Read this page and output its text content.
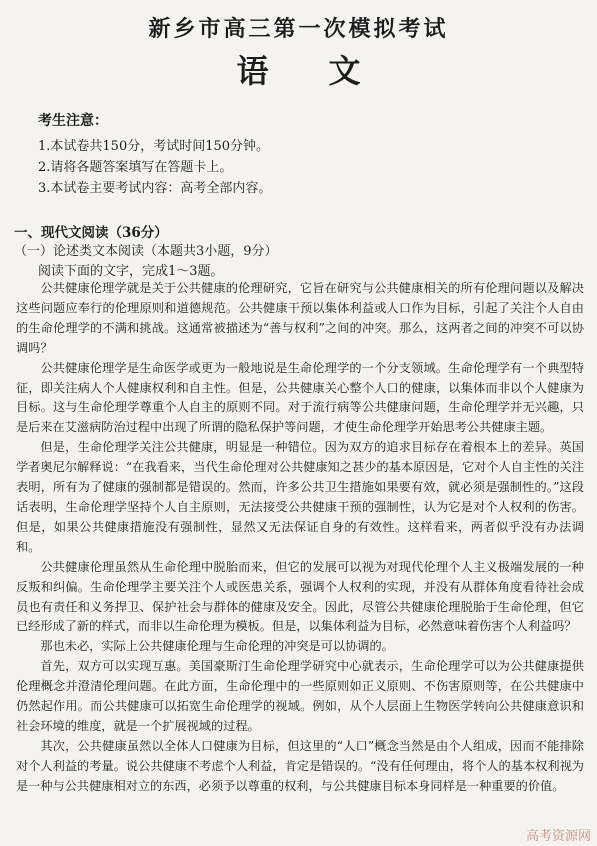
新乡市高三第一次模拟考试
语文
考生注意：
1.本试卷共150分，考试时间150分钟。
2.请将各题答案填写在答题卡上。
3.本试卷主要考试内容：高考全部内容。
一、现代文阅读（36分）
（一）论述类文本阅读（本题共3小题，9分）
阅读下面的文字，完成1～3题。

公共健康伦理学就是关于公共健康的伦理研究，它旨在研究与公共健康相关的所有伦理问题以及解决这些问题应奉行的伦理原则和道德规范。公共健康干预以集体利益或人口作为目标，引起了关注个人自由的生命伦理学的不满和挑战。这通常被描述为“善与权利”之间的冲突。那么，这两者之间的冲突不可以协调吗？

公共健康伦理学是生命医学或更为一般地说是生命伦理学的一个分支领域。生命伦理学有一个典型特征，即关注病人个人健康权利和自主性。但是，公共健康关心整个人口的健康，以集体而非以个人健康为目标。这与生命伦理学尊重个人自主的原则不同。对于流行病等公共健康问题，生命伦理学并无兴趣，只是后来在艾滋病防治过程中出现了所谓的隐私保护等问题，才使生命伦理学开始思考公共健康主题。

但是，生命伦理学关注公共健康，明显是一种错位。因为双方的追求目标存在着根本上的差异。英国学者奥尼尔解释说：“在我看来，当代生命伦理对公共健康知之甚少的基本原因是，它对个人自主性的关注表明，所有为了健康的强制都是错误的。然而，许多公共卫生措施如果要有效，就必须是强制性的。”这段话表明，生命伦理学坚持个人自主原则，无法接受公共健康干预的强制性，认为它是对个人权利的伤害。但是，如果公共健康措施没有强制性，显然又无法保证自身的有效性。这样看来，两者似乎没有办法调和。

公共健康伦理虽然从生命伦理中脱胎而来，但它的发展可以视为对现代伦理个人主义极端发展的一种反叛和纠偏。生命伦理学主要关注个人或医患关系，强调个人权利的实现，并没有从群体角度看待社会成员也有责任和义务捍卫、保护社会与群体的健康及安全。因此，尽管公共健康伦理脱胎于生命伦理，但它已经形成了新的样式，而非以生命伦理为模板。但是，以集体利益为目标，必然意味着伤害个人利益吗？

那也未必，实际上公共健康伦理与生命伦理的冲突是可以协调的。

首先，双方可以实现互惠。美国豪斯汀生命伦理学研究中心就表示，生命伦理学可以为公共健康提供伦理概念并澄清伦理问题。在此方面，生命伦理中的一些原则如正义原则、不伤害原则等，在公共健康中仍然起作用。而公共健康可以拓宽生命伦理学的视域。例如，从个人层面上生物医学转向公共健康意识和社会环境的维度，就是一个扩展视域的过程。

其次，公共健康虽然以全体人口健康为目标，但这里的“人口”概念当然是由个人组成，因而不能排除对个人利益的考量。说公共健康不考虑个人利益，肯定是错误的。“没有任何理由，将个人的基本权利视为是一种与公共健康相对立的东西，必须予以尊重的权利，与公共健康目标本身同样是一种重要的价值。

高考资源网
